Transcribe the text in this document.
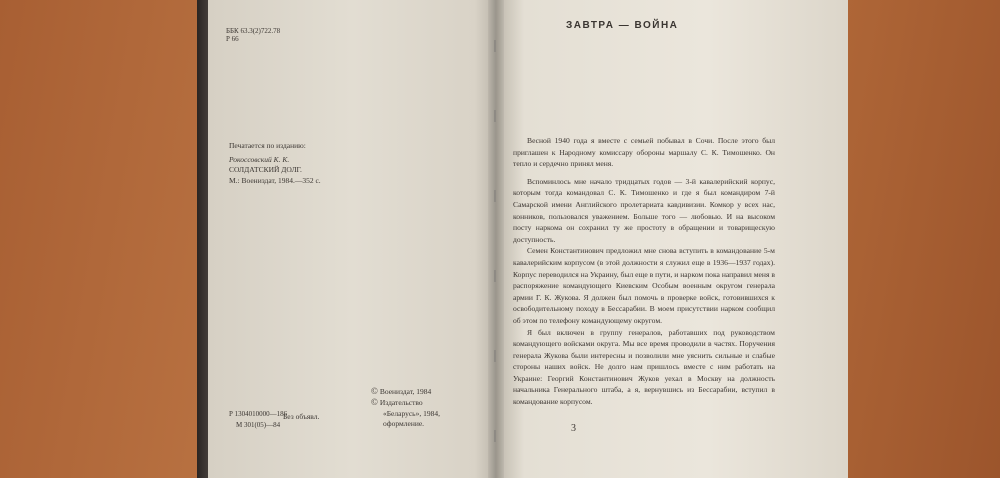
ББК 63.3(2)722.78
Р 66
Печатается по изданию:
Рокоссовский К. К.
СОЛДАТСКИЙ ДОЛГ.
М.: Воениздат, 1984.—352 с.
Р 1304010000—186
М 301(05)—84
Без объявл.
© Воениздат, 1984
© Издательство
«Беларусь», 1984,
оформление.
ЗАВТРА — ВОЙНА

Весной 1940 года я вместе с семьей побывал в Сочи. После этого был приглашен к Народному комиссару обороны маршалу С. К. Тимошенко. Он тепло и сердечно принял меня.

Вспоминлось мне начало тридцатых годов — 3-й кавалерийский корпус, которым тогда командовал С. К. Тимошенко и где я был командиром 7-й Самарской имени Английского пролетариата кавдивизии. Комкор у всех нас, конников, пользовался уважением. Больше того — любовью. И на высоком посту наркома он сохранил ту же простоту в обращении и товарищескую доступность.

Семен Константинович предложил мне снова вступить в командование 5-м кавалерийским корпусом (в этой должности я служил еще в 1936—1937 годах). Корпус переводился на Украину, был еще в пути, и нарком пока направил меня в распоряжение командующего Киевским Особым военным округом генерала армии Г. К. Жукова. Я должен был помочь в проверке войск, готовившихся к освободительному походу в Бессарабии. В моем присутствии нарком сообщил об этом по телефону командующему округом.

Я был включен в группу генералов, работавших под руководством командующего войсками округа. Мы все время проводили в частях. Поручения генерала Жукова были интересны и позволили мне уяснить сильные и слабые стороны наших войск. Не долго нам пришлось вместе с ним работать на Украине: Георгий Константинович Жуков уехал в Москву на должность начальника Генерального штаба, а я, вернувшись из Бессарабии, вступил в командование корпусом.

3
